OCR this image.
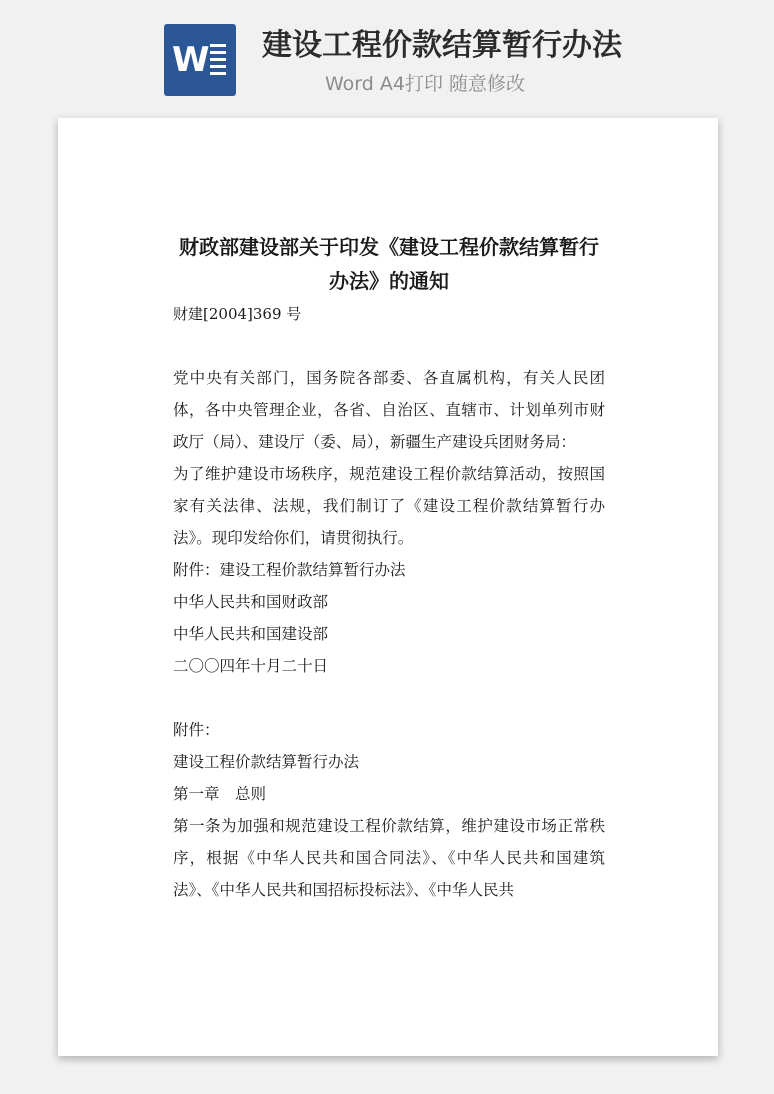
W 建设工程价款结算暂行办法
Word A4打印 随意修改
财政部建设部关于印发《建设工程价款结算暂行办法》的通知

财建[2004]369 号

党中央有关部门，国务院各部委、各直属机构，有关人民团体，各中央管理企业，各省、自治区、直辖市、计划单列市财政厅（局）、建设厅（委、局），新疆生产建设兵团财务局：

为了维护建设市场秩序，规范建设工程价款结算活动，按照国家有关法律、法规，我们制订了《建设工程价款结算暂行办法》。现印发给你们，请贯彻执行。

附件：建设工程价款结算暂行办法

中华人民共和国财政部

中华人民共和国建设部

二〇〇四年十月二十日

附件：

建设工程价款结算暂行办法

第一章　总则

第一条为加强和规范建设工程价款结算，维护建设市场正常秩序，根据《中华人民共和国合同法》、《中华人民共和国建筑法》、《中华人民共和国招标投标法》、《中华人民共
